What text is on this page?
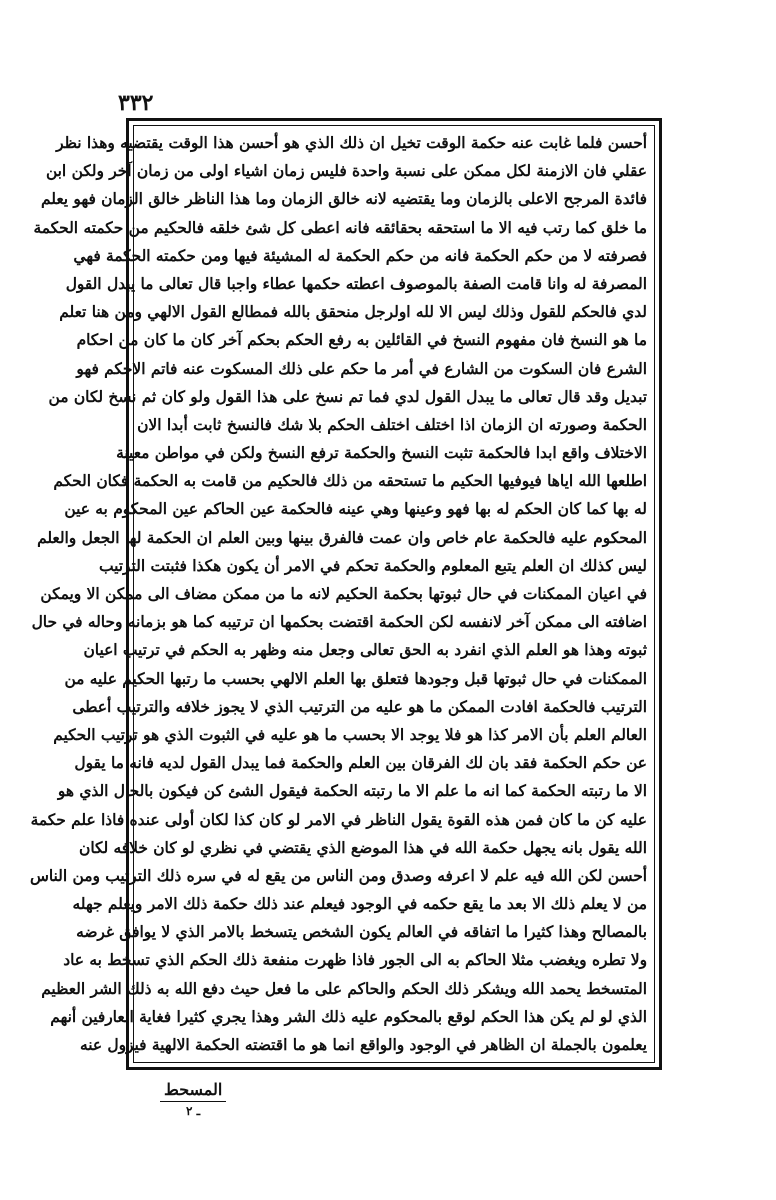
٣٣٢
أحسن فلما غابت عنه حكمة الوقت تخيل ان ذلك الذي هو أحسن هذا الوقت يقتضيه وهذا نظر
عقلي فان الازمنة لكل ممكن على نسبة واحدة فليس زمان اشياء اولى من زمان آخر ولكن ابن
فائدة المرجح الاعلى بالزمان وما يقتضيه لانه خالق الزمان وما هذا الناظر خالق الزمان فهو يعلم
ما خلق كما رتب فيه الا ما استحقه بحقائقه فانه اعطى كل شئ خلقه فالحكيم من حكمته الحكمة
فصرفته لا من حكم الحكمة فانه من حكم الحكمة له المشيئة فيها ومن حكمته الحكمة فهي
المصرفة له وانا قامت الصفة بالموصوف اعطته حكمها عطاء واجبا قال تعالى ما يبدل القول
لدي فالحكم للقول وذلك ليس الا لله اولرجل منحقق بالله فمطالع القول الالهي ومن هنا تعلم
ما هو النسخ فان مفهوم النسخ في القائلين به رفع الحكم بحكم آخر كان ما كان من احكام
الشرع فان السكوت من الشارع في أمر ما حكم على ذلك المسكوت عنه فاتم الاحكم فهو
تبديل وقد قال تعالى ما يبدل القول لدي فما تم نسخ على هذا القول ولو كان ثم نسخ لكان من
الحكمة وصورته ان الزمان اذا اختلف اختلف الحكم بلا شك فالنسخ ثابت أبدا الان
الاختلاف واقع ابدا فالحكمة تثبت النسخ والحكمة ترفع النسخ ولكن في مواطن معينة
اطلعها الله اياها فيوفيها الحكيم ما تستحقه من ذلك فالحكيم من قامت به الحكمة فكان الحكم
له بها كما كان الحكم له بها فهو وعينها وهي عينه فالحكمة عين الحاكم عين المحكوم به عين
المحكوم عليه فالحكمة عام خاص وان عمت فالفرق بينها وبين العلم ان الحكمة لها الجعل والعلم
ليس كذلك ان العلم يتبع المعلوم والحكمة تحكم في الامر أن يكون هكذا فثبتت الترتيب
في اعيان الممكنات في حال ثبوتها بحكمة الحكيم لانه ما من ممكن مضاف الى ممكن الا ويمكن
اضافته الى ممكن آخر لانفسه لكن الحكمة اقتضت بحكمها ان ترتيبه كما هو بزمانه وحاله في حال
ثبوته وهذا هو العلم الذي انفرد به الحق تعالى وجعل منه وظهر به الحكم في ترتيب اعيان
الممكنات في حال ثبوتها قبل وجودها فتعلق بها العلم الالهي بحسب ما رتبها الحكيم عليه من
الترتيب فالحكمة افادت الممكن ما هو عليه من الترتيب الذي لا يجوز خلافه والترتيب أعطى
العالم العلم بأن الامر كذا هو فلا يوجد الا بحسب ما هو عليه في الثبوت الذي هو ترتيب الحكيم
عن حكم الحكمة فقد بان لك الفرقان بين العلم والحكمة فما يبدل القول لديه فانه ما يقول
الا ما رتبته الحكمة كما انه ما علم الا ما رتبته الحكمة فيقول الشئ كن فيكون بالحال الذي هو
عليه كن ما كان فمن هذه القوة يقول الناظر في الامر لو كان كذا لكان أولى عنده فاذا علم حكمة
الله يقول بانه يجهل حكمة الله في هذا الموضع الذي يقتضي في نظري لو كان خلافه لكان
أحسن لكن الله فيه علم لا اعرفه وصدق ومن الناس من يقع له في سره ذلك الترتيب ومن الناس
من لا يعلم ذلك الا بعد ما يقع حكمه في الوجود فيعلم عند ذلك حكمة ذلك الامر ويعلم جهله
بالمصالح وهذا كثيرا ما اتفاقه في العالم يكون الشخص يتسخط بالامر الذي لا يوافق غرضه
ولا تطره ويغضب مثلا الحاكم به الى الجور فاذا ظهرت منفعة ذلك الحكم الذي تسخط به عاد
المتسخط يحمد الله ويشكر ذلك الحكم والحاكم على ما فعل حيث دفع الله به ذلك الشر العظيم
الذي لو لم يكن هذا الحكم لوقع بالمحكوم عليه ذلك الشر وهذا يجري كثيرا فغاية العارفين أنهم
يعلمون بالجملة ان الظاهر في الوجود والواقع انما هو ما اقتضته الحكمة الالهية فيزول عنه
المسحط
ـ ٢
